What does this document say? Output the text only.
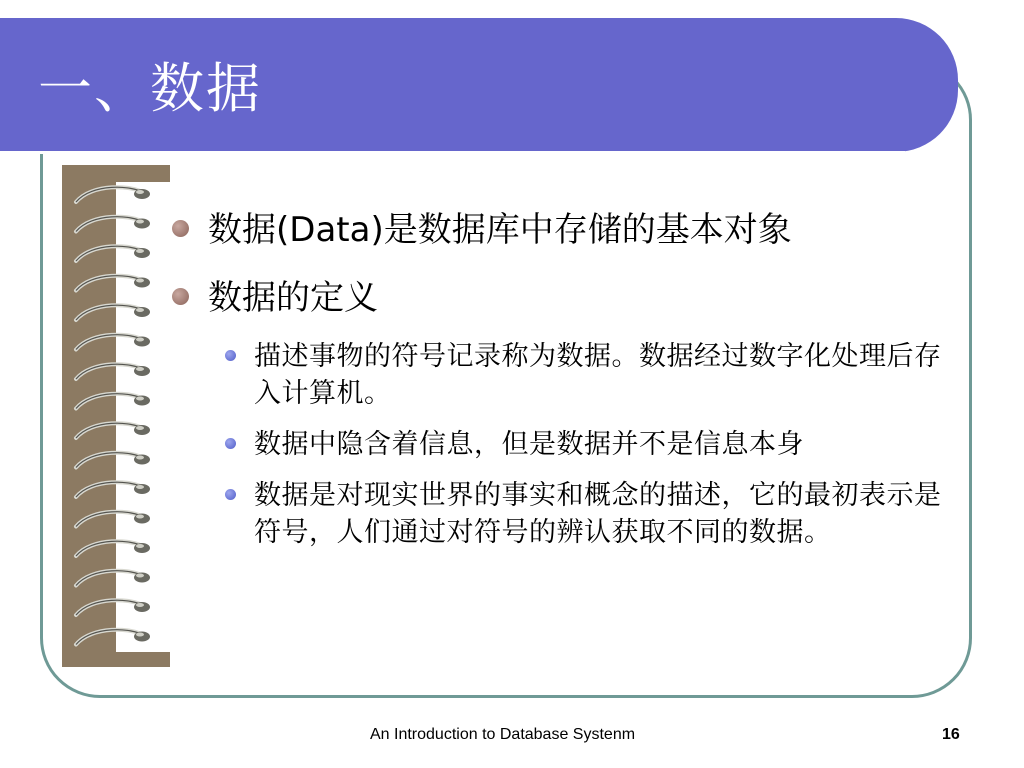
一、数据
数据(Data)是数据库中存储的基本对象
数据的定义
描述事物的符号记录称为数据。数据经过数字化处理后存入计算机。
数据中隐含着信息，但是数据并不是信息本身
数据是对现实世界的事实和概念的描述，它的最初表示是符号，人们通过对符号的辨认获取不同的数据。
An Introduction to Database Systenm	16
